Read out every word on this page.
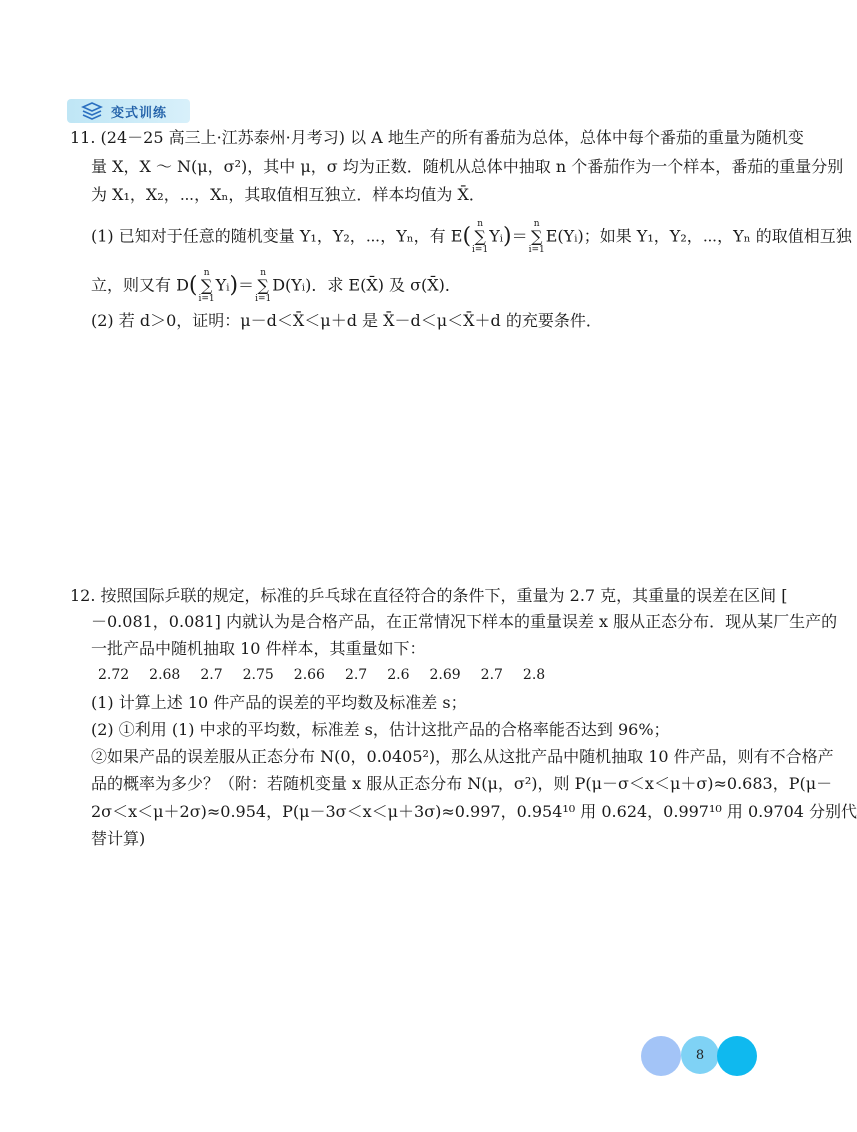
变式训练
11. (24－25 高三上·江苏泰州·月考习) 以 A 地生产的所有番茄为总体，总体中每个番茄的重量为随机变
量 X，X ～ N(μ，σ²)，其中 μ，σ 均为正数．随机从总体中抽取 n 个番茄作为一个样本，番茄的重量分别
为 X₁，X₂，⋯，Xₙ，其取值相互独立．样本均值为 X̄．
(1) 已知对于任意的随机变量 Y₁，Y₂，⋯，Yₙ，有 E( n
∑
i=1
Yᵢ)＝
n
∑
i=1
E(Yᵢ)；如果 Y₁，Y₂，⋯，Yₙ 的取值相互独
立，则又有 D( n
∑
i=1
Yᵢ)＝
n
∑
i=1
D(Yᵢ)．求 E(X̄) 及 σ(X̄)．
(2) 若 d＞0，证明：μ－d＜X̄＜μ＋d 是 X̄－d＜μ＜X̄＋d 的充要条件．
12. 按照国际乒联的规定，标准的乒乓球在直径符合的条件下，重量为 2.7 克，其重量的误差在区间 [
－0.081，0.081] 内就认为是合格产品，在正常情况下样本的重量误差 x 服从正态分布．现从某厂生产的
一批产品中随机抽取 10 件样本，其重量如下：
2.72 2.68 2.7 2.75 2.66 2.7 2.6 2.69 2.7 2.8
(1) 计算上述 10 件产品的误差的平均数及标准差 s；
(2) ①利用 (1) 中求的平均数，标准差 s，估计这批产品的合格率能否达到 96%；
②如果产品的误差服从正态分布 N(0，0.0405²)，那么从这批产品中随机抽取 10 件产品，则有不合格产
品的概率为多少？（附：若随机变量 x 服从正态分布 N(μ，σ²)，则 P(μ－σ＜x＜μ＋σ)≈0.683，P(μ－
2σ＜x＜μ＋2σ)≈0.954，P(μ－3σ＜x＜μ＋3σ)≈0.997，0.954¹⁰ 用 0.624，0.997¹⁰ 用 0.9704 分别代
替计算)
8
